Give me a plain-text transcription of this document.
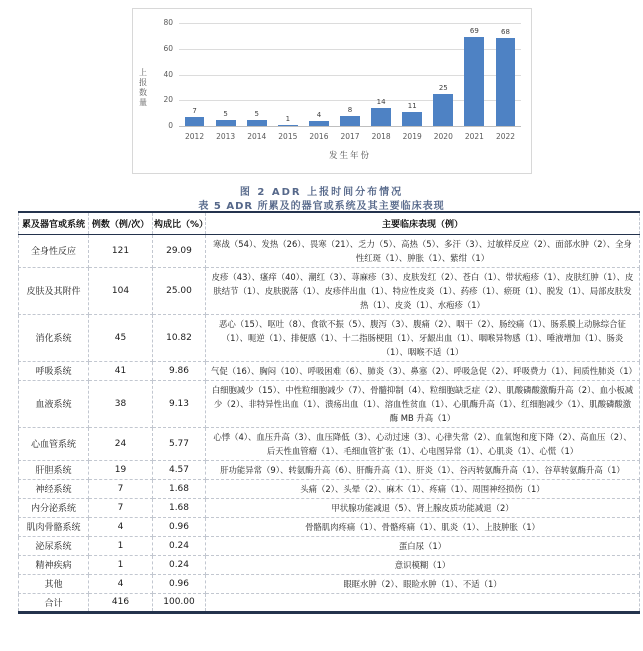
上报数量
0
20
40
60
80
7	5	5
1	4
8
14	11
25
69	68
2012	2013	2014	2015	2016	2017	2018	2019	2020	2021	2022
发生年份
图 2 ADR 上报时间分布情况
表 5 ADR 所累及的器官或系统及其主要临床表现
累及器官或系统	例数（例/次）	构成比（%）	主要临床表现（例）
全身性反应	121	29.09	寒战（54）、发热（26）、畏寒（21）、乏力（5）、高热（5）、多汗（3）、过敏样反应（2）、面部水肿（2）、全身性红斑（1）、肿胀（1）、紫绀（1）
皮肤及其附件	104	25.00	皮疹（43）、瘙痒（40）、潮红（3）、荨麻疹（3）、皮肤发红（2）、苍白（1）、带状疱疹（1）、皮肤红肿（1）、皮肤结节（1）、皮肤脱落（1）、皮疹伴出血（1）、特应性皮炎（1）、药疹（1）、瘀斑（1）、脱发（1）、局部皮肤发热（1）、皮炎（1）、水疱疹（1）
消化系统	45	10.82	恶心（15）、呕吐（8）、食欲不振（5）、腹泻（3）、腹痛（2）、咽干（2）、肠绞痛（1）、肠系膜上动脉综合征（1）、呃逆（1）、排便感（1）、十二指肠梗阻（1）、牙龈出血（1）、咽喉异物感（1）、唾液增加（1）、肠炎（1）、咽喉不适（1）
呼吸系统	41	9.86	气促（16）、胸闷（10）、呼吸困难（6）、肺炎（3）、鼻塞（2）、呼吸急促（2）、呼吸费力（1）、间质性肺炎（1）
血液系统	38	9.13	白细胞减少（15）、中性粒细胞减少（7）、骨髓抑制（4）、粒细胞缺乏症（2）、肌酸磷酸激酶升高（2）、血小板减少（2）、非特异性出血（1）、溃疡出血（1）、溶血性贫血（1）、心肌酶升高（1）、红细胞减少（1）、肌酸磷酸激酶 MB 升高（1）
心血管系统	24	5.77	心悸（4）、血压升高（3）、血压降低（3）、心动过速（3）、心律失常（2）、血氧饱和度下降（2）、高血压（2）、后天性血管瘤（1）、毛细血管扩张（1）、心电图异常（1）、心肌炎（1）、心慌（1）
肝胆系统	19	4.57	肝功能异常（9）、转氨酶升高（6）、肝酶升高（1）、肝炎（1）、谷丙转氨酶升高（1）、谷草转氨酶升高（1）
神经系统	7	1.68	头痛（2）、头晕（2）、麻木（1）、疼痛（1）、周围神经损伤（1）
内分泌系统	7	1.68	甲状腺功能减退（5）、肾上腺皮质功能减退（2）
肌肉骨骼系统	4	0.96	骨骼肌肉疼痛（1）、骨骼疼痛（1）、肌炎（1）、上肢肿胀（1）
泌尿系统	1	0.24	蛋白尿（1）
精神疾病	1	0.24	意识模糊（1）
其他	4	0.96	眼眶水肿（2）、眼睑水肿（1）、不适（1）
合计	416	100.00	
